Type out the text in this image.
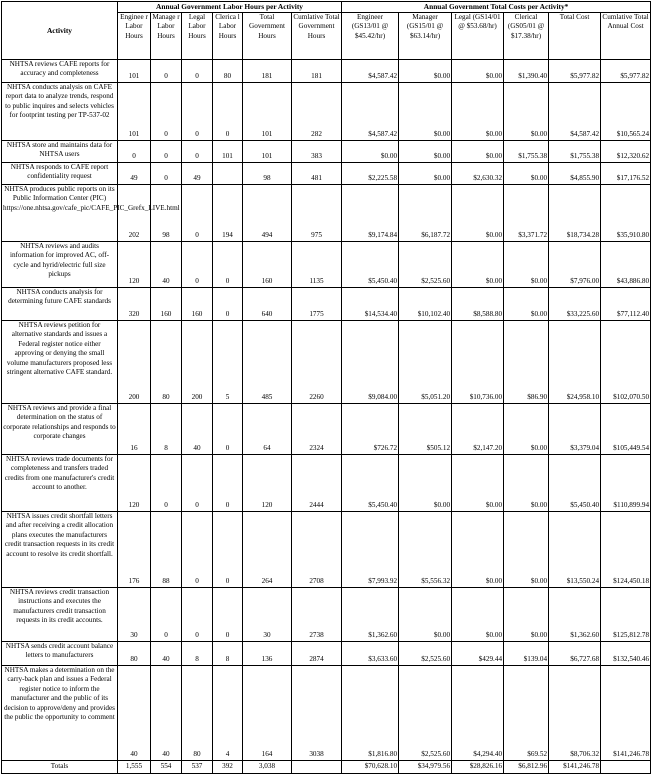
Activity	Annual Government Labor Hours per Activity						Annual Government Total Costs per Activity*					
	Enginee r Labor Hours	Manage r Labor Hours	Legal Labor Hours	Clerica l Labor Hours	Total Government Hours	Cumlative Total Government Hours	Engineer (GS13/01 @ $45.42/hr)	Manager (GS15/01 @ $63.14/hr)	Legal (GS14/01 @ $53.68/hr)	Clerical (GS05/01 @ $17.38/hr)	Total Cost	Cumlative Total Annual Cost
NHTSA reviews CAFE reports for accuracy and completeness	101	0	0	80	181	181	$4,587.42	$0.00	$0.00	$1,390.40	$5,977.82	$5,977.82
NHTSA conducts analysis on CAFE report data to analyze trends, respond to public inquires and selects vehicles for footprint testing per TP-537-02	101	0	0	0	101	282	$4,587.42	$0.00	$0.00	$0.00	$4,587.42	$10,565.24
NHTSA store and maintains data for NHTSA users	0	0	0	101	101	383	$0.00	$0.00	$0.00	$1,755.38	$1,755.38	$12,320.62
NHTSA responds to CAFE report confidentiality request	49	0	49		98	481	$2,225.58	$0.00	$2,630.32	$0.00	$4,855.90	$17,176.52
NHTSA produces public reports on its Public Information Center (PIC) https://one.nhtsa.gov/cafe_pic/CAFE_PIC_Grefx_LIVE.html	202	98	0	194	494	975	$9,174.84	$6,187.72	$0.00	$3,371.72	$18,734.28	$35,910.80
NHTSA reviews and audits information for improved AC, off-cycle and hyrid/electric full size pickups	120	40	0	0	160	1135	$5,450.40	$2,525.60	$0.00	$0.00	$7,976.00	$43,886.80
NHTSA conducts analysis for determining future CAFE standards	320	160	160	0	640	1775	$14,534.40	$10,102.40	$8,588.80	$0.00	$33,225.60	$77,112.40
NHTSA reviews petition for alternative standards and issues a Federal register notice either approving or denying the small volume manufacturers proposed less stringent alternative CAFE standard.	200	80	200	5	485	2260	$9,084.00	$5,051.20	$10,736.00	$86.90	$24,958.10	$102,070.50
NHTSA reviews and provide a final determination on the status of corporate relationships and responds to corporate changes	16	8	40	0	64	2324	$726.72	$505.12	$2,147.20	$0.00	$3,379.04	$105,449.54
NHTSA reviews trade documents for completeness and transfers traded credits from one manufacturer's credit account to another.	120	0	0	0	120	2444	$5,450.40	$0.00	$0.00	$0.00	$5,450.40	$110,899.94
NHTSA issues credit shortfall letters and after receiving a credit allocation plans executes the manufacturers credit transaction requests in its credit account to resolve its credit shortfall.	176	88	0	0	264	2708	$7,993.92	$5,556.32	$0.00	$0.00	$13,550.24	$124,450.18
NHTSA reviews credit transaction instructions and executes the manufacturers credit transaction requests in its credit accounts.	30	0	0	0	30	2738	$1,362.60	$0.00	$0.00	$0.00	$1,362.60	$125,812.78
NHTSA sends credit account balance letters to manufacturers	80	40	8	8	136	2874	$3,633.60	$2,525.60	$429.44	$139.04	$6,727.68	$132,540.46
NHTSA makes a determination on the carry-back plan and issues a Federal register notice to inform the manufacturer and the public of its decision to approve/deny and provides the public the opportunity to comment	40	40	80	4	164	3038	$1,816.80	$2,525.60	$4,294.40	$69.52	$8,706.32	$141,246.78
Totals	1,555	554	537	392	3,038		$70,628.10	$34,979.56	$28,826.16	$6,812.96	$141,246.78	
